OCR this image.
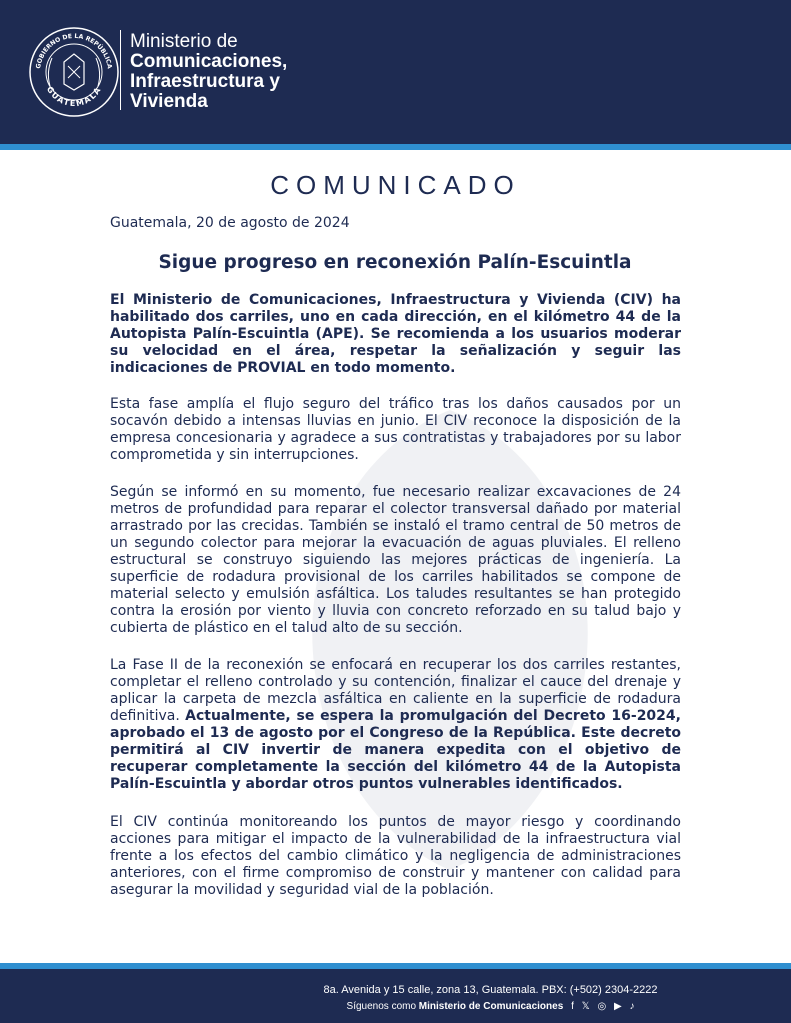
GOBIERNO DE LA REPÚBLICA
GUATEMALA
Ministerio de
Comunicaciones,
Infraestructura y
Vivienda
COMUNICADO
Guatemala, 20 de agosto de 2024
Sigue progreso en reconexión Palín-Escuintla
El Ministerio de Comunicaciones, Infraestructura y Vivienda (CIV) ha habilitado dos carriles, uno en cada dirección, en el kilómetro 44 de la Autopista Palín-Escuintla (APE). Se recomienda a los usuarios moderar su velocidad en el área, respetar la señalización y seguir las indicaciones de PROVIAL en todo momento.
Esta fase amplía el flujo seguro del tráfico tras los daños causados por un socavón debido a intensas lluvias en junio. El CIV reconoce la disposición de la empresa concesionaria y agradece a sus contratistas y trabajadores por su labor comprometida y sin interrupciones.
Según se informó en su momento, fue necesario realizar excavaciones de 24 metros de profundidad para reparar el colector transversal dañado por material arrastrado por las crecidas. También se instaló el tramo central de 50 metros de un segundo colector para mejorar la evacuación de aguas pluviales. El relleno estructural se construyo siguiendo las mejores prácticas de ingeniería. La superficie de rodadura provisional de los carriles habilitados se compone de material selecto y emulsión asfáltica. Los taludes resultantes se han protegido contra la erosión por viento y lluvia con concreto reforzado en su talud bajo y cubierta de plástico en el talud alto de su sección.
La Fase II de la reconexión se enfocará en recuperar los dos carriles restantes, completar el relleno controlado y su contención, finalizar el cauce del drenaje y aplicar la carpeta de mezcla asfáltica en caliente en la superficie de rodadura definitiva. Actualmente, se espera la promulgación del Decreto 16-2024, aprobado el 13 de agosto por el Congreso de la República. Este decreto permitirá al CIV invertir de manera expedita con el objetivo de recuperar completamente la sección del kilómetro 44 de la Autopista Palín-Escuintla y abordar otros puntos vulnerables identificados.
El CIV continúa monitoreando los puntos de mayor riesgo y coordinando acciones para mitigar el impacto de la vulnerabilidad de la infraestructura vial frente a los efectos del cambio climático y la negligencia de administraciones anteriores, con el firme compromiso de construir y mantener con calidad para asegurar la movilidad y seguridad vial de la población.
8a. Avenida y 15 calle, zona 13, Guatemala. PBX: (+502) 2304-2222
Síguenos como Ministerio de Comunicaciones f 𝕏 ◎ ▶ ♪
